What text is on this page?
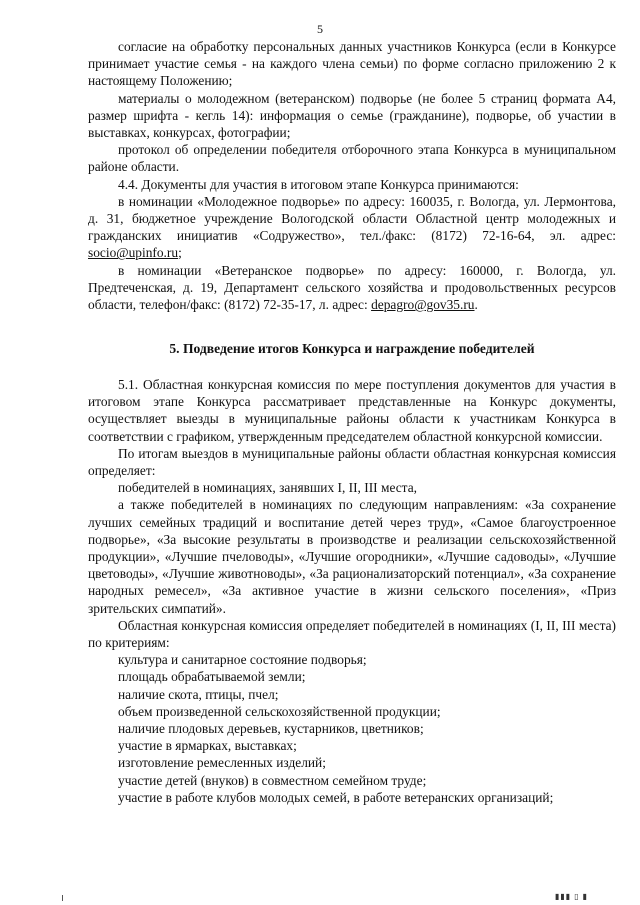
5

согласие на обработку персональных данных участников Конкурса (если в Конкурсе принимает участие семья - на каждого члена семьи) по форме согласно приложению 2 к настоящему Положению;

материалы о молодежном (ветеранском) подворье (не более 5 страниц формата А4, размер шрифта - кегль 14): информация о семье (гражданине), подворье, об участии в выставках, конкурсах, фотографии;

протокол об определении победителя отборочного этапа Конкурса в муниципальном районе области.

4.4. Документы для участия в итоговом этапе Конкурса принимаются:

в номинации «Молодежное подворье» по адресу: 160035, г. Вологда, ул. Лермонтова, д. 31, бюджетное учреждение Вологодской области Областной центр молодежных и гражданских инициатив «Содружество», тел./факс: (8172) 72-16-64, эл. адрес: socio@upinfo.ru;

в номинации «Ветеранское подворье» по адресу: 160000, г. Вологда, ул. Предтеченская, д. 19, Департамент сельского хозяйства и продовольственных ресурсов области, телефон/факс: (8172) 72-35-17, л. адрес: depagro@gov35.ru.

5. Подведение итогов Конкурса и награждение победителей

5.1. Областная конкурсная комиссия по мере поступления документов для участия в итоговом этапе Конкурса рассматривает представленные на Конкурс документы, осуществляет выезды в муниципальные районы области к участникам Конкурса в соответствии с графиком, утвержденным председателем областной конкурсной комиссии.

По итогам выездов в муниципальные районы области областная конкурсная комиссия определяет:

победителей в номинациях, занявших I, II, III места,

а также победителей в номинациях по следующим направлениям: «За сохранение лучших семейных традиций и воспитание детей через труд», «Самое благоустроенное подворье», «За высокие результаты в производстве и реализации сельскохозяйственной продукции», «Лучшие пчеловоды», «Лучшие огородники», «Лучшие садоводы», «Лучшие цветоводы», «Лучшие животноводы», «За рационализаторский потенциал», «За сохранение народных ремесел», «За активное участие в жизни сельского поселения», «Приз зрительских симпатий».

Областная конкурсная комиссия определяет победителей в номинациях (I, II, III места) по критериям:

культура и санитарное состояние подворья;

площадь обрабатываемой земли;

наличие скота, птицы, пчел;

объем произведенной сельскохозяйственной продукции;

наличие плодовых деревьев, кустарников, цветников;

участие в ярмарках, выставках;

изготовление ремесленных изделий;

участие детей (внуков) в совместном семейном труде;

участие в работе клубов молодых семей, в работе ветеранских организаций;

▮▮▮ ▯ ▮
